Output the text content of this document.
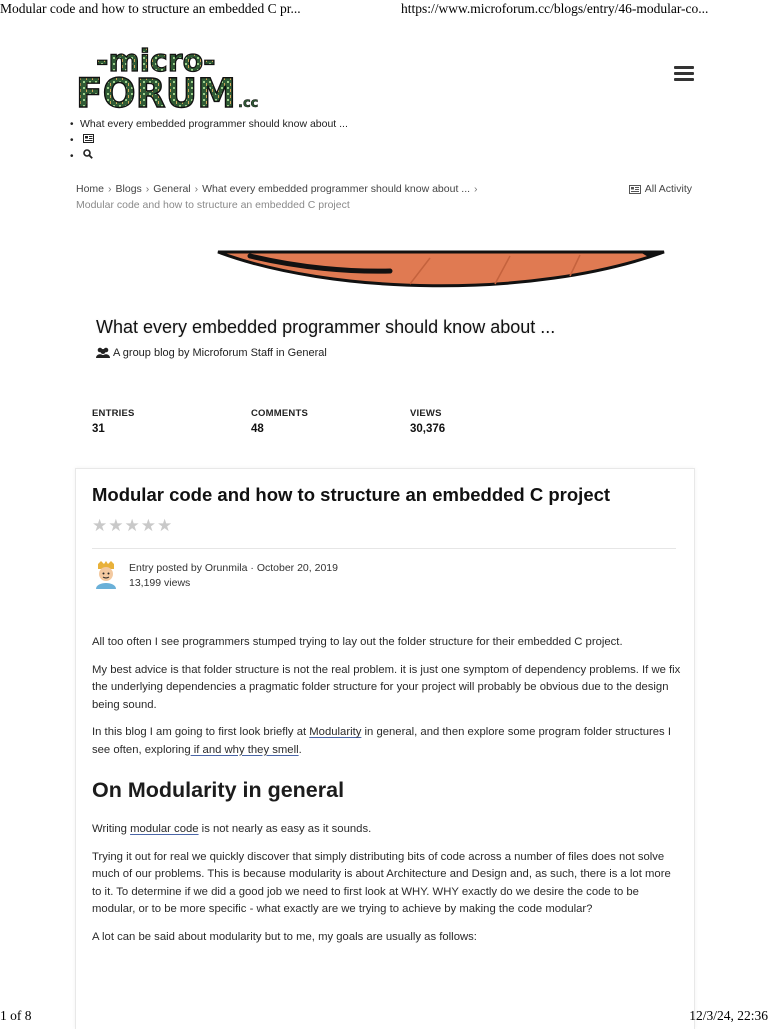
Modular code and how to structure an embedded C pr...	https://www.microforum.cc/blogs/entry/46-modular-co...
-micro-
FORUM .cc
• What every embedded programmer should know about ...
•
•
Home › Blogs › General › What every embedded programmer should know about ... ›
Modular code and how to structure an embedded C project
All Activity
What every embedded programmer should know about ...
A group blog by Microforum Staff in General
ENTRIES
31
COMMENTS
48
VIEWS
30,376
Modular code and how to structure an embedded C project
★★★★★
Entry posted by Orunmila · October 20, 2019
13,199 views

All too often I see programmers stumped trying to lay out the folder structure for their embedded C project.

My best advice is that folder structure is not the real problem. it is just one symptom of dependency problems. If we fix the underlying dependencies a pragmatic folder structure for your project will probably be obvious due to the design being sound.

In this blog I am going to first look briefly at Modularity in general, and then explore some program folder structures I see often, exploring if and why they smell.

On Modularity in general

Writing modular code is not nearly as easy as it sounds.

Trying it out for real we quickly discover that simply distributing bits of code across a number of files does not solve much of our problems. This is because modularity is about Architecture and Design and, as such, there is a lot more to it. To determine if we did a good job we need to first look at WHY. WHY exactly do we desire the code to be modular, or to be more specific - what exactly are we trying to achieve by making the code modular?

A lot can be said about modularity but to me, my goals are usually as follows:

1 of 8	12/3/24, 22:36
